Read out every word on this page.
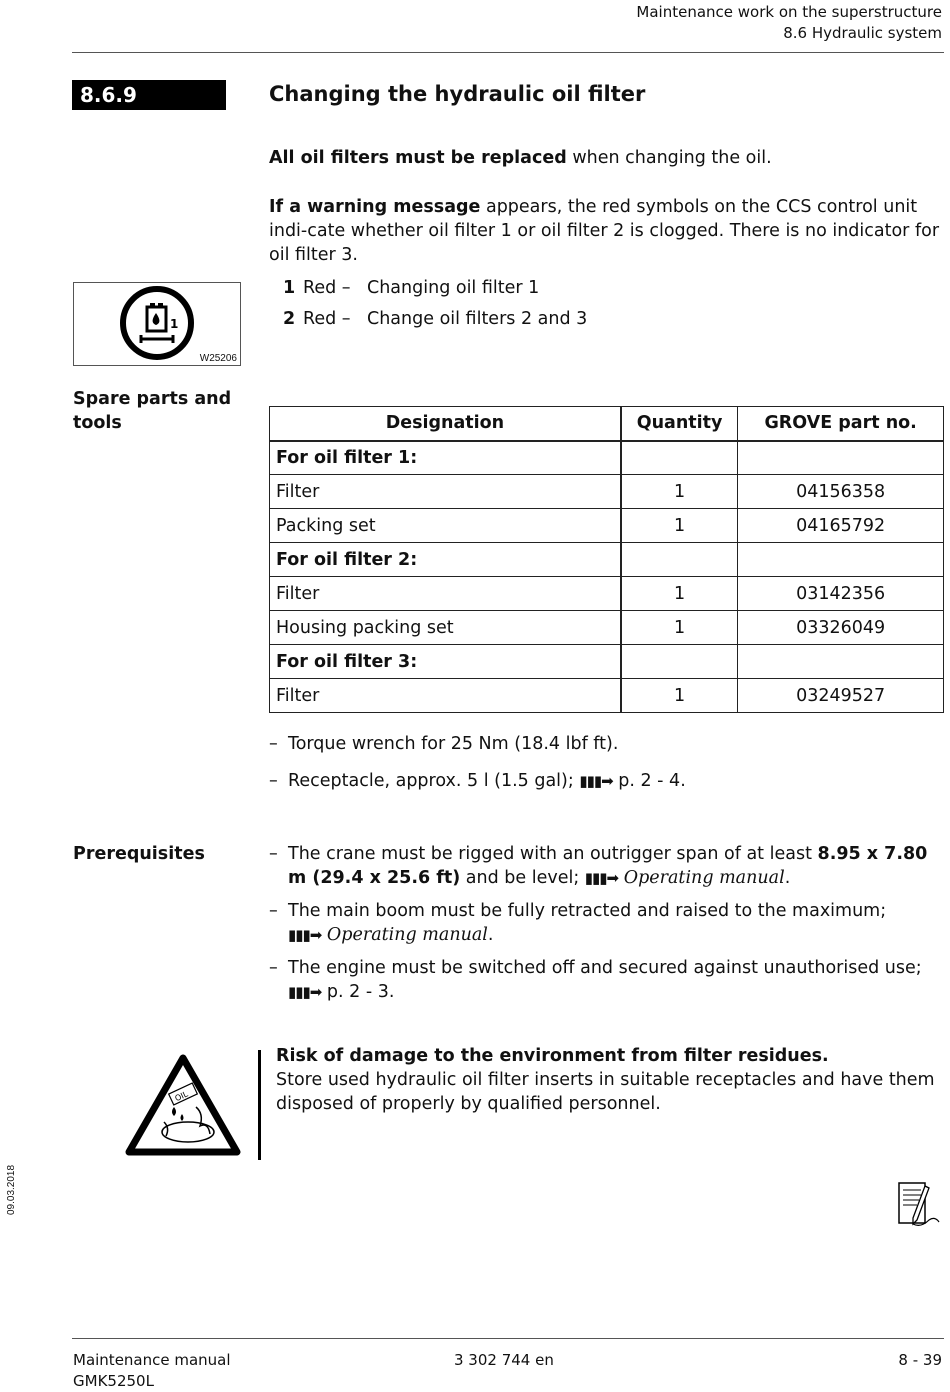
Maintenance work on the superstructure
8.6 Hydraulic system
8.6.9	Changing the hydraulic oil filter
All oil filters must be replaced when changing the oil.
If a warning message appears, the red symbols on the CCS control unit indi-cate whether oil filter 1 or oil filter 2 is clogged. There is no indicator for oil filter 3.
1 Red – Changing oil filter 1
2 Red – Change oil filters 2 and 3
1
W25206
Spare parts and
tools	Designation	Quantity	GROVE part no.
For oil filter 1:		
Filter	1	04156358
Packing set	1	04165792
For oil filter 2:		
Filter	1	03142356
Housing packing set	1	03326049
For oil filter 3:		
Filter	1	03249527
– Torque wrench for 25 Nm (18.4 lbf ft).
– Receptacle, approx. 5 l (1.5 gal); ▮▮▮➡ p. 2 - 4.
Prerequisites	– The crane must be rigged with an outrigger span of at least 8.95 x 7.80 m (29.4 x 25.6 ft) and be level; ▮▮▮➡ Operating manual.
– The main boom must be fully retracted and raised to the maximum;
▮▮▮➡ Operating manual.
– The engine must be switched off and secured against unauthorised use;
▮▮▮➡ p. 2 - 3.
OIL
Risk of damage to the environment from filter residues.
Store used hydraulic oil filter inserts in suitable receptacles and have them disposed of properly by qualified personnel.
09.03.2018
Maintenance manual
GMK5250L
3 302 744 en	8 - 39
